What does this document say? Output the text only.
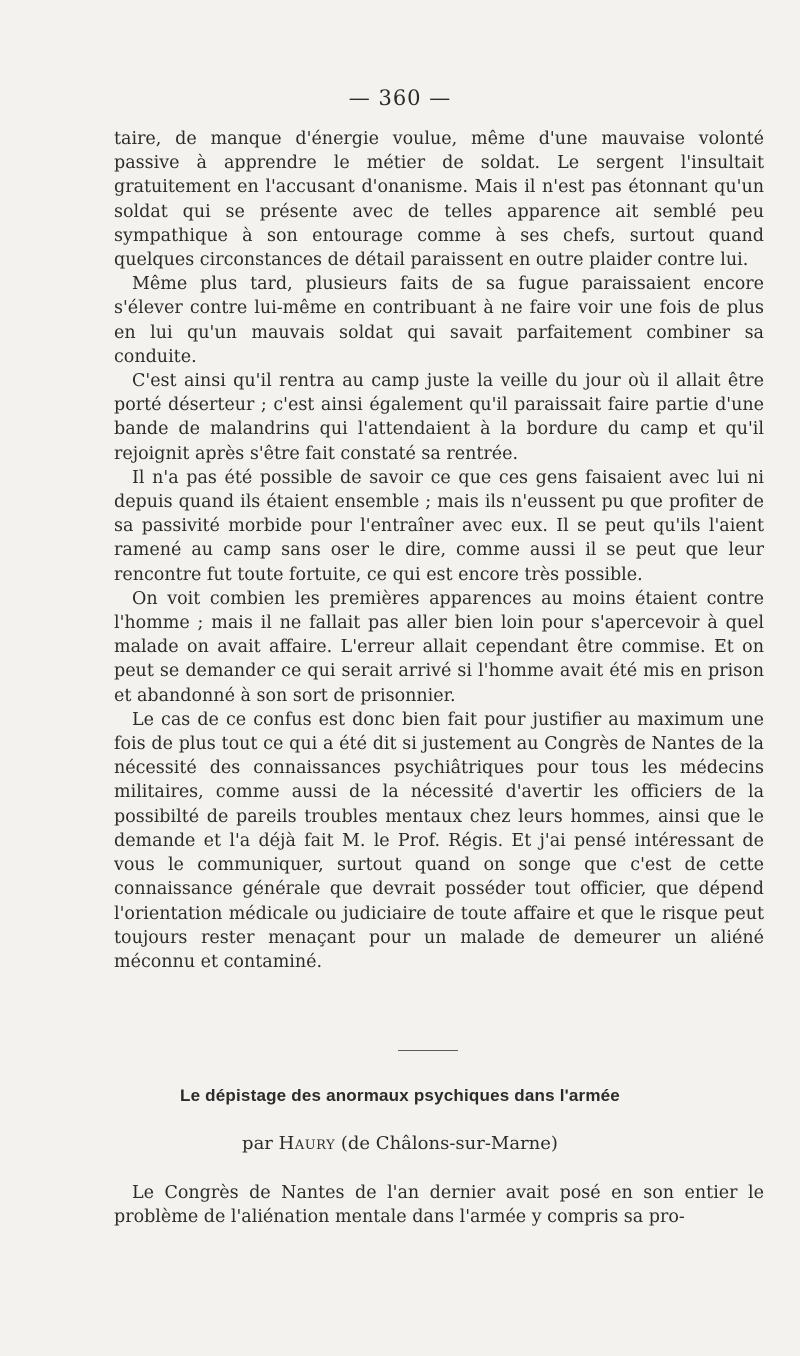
— 360 —

taire, de manque d'énergie voulue, même d'une mauvaise volonté passive à apprendre le métier de soldat. Le sergent l'insultait gratuitement en l'accusant d'onanisme. Mais il n'est pas étonnant qu'un soldat qui se présente avec de telles apparence ait semblé peu sympathique à son entourage comme à ses chefs, surtout quand quelques circonstances de détail paraissent en outre plaider contre lui.

Même plus tard, plusieurs faits de sa fugue paraissaient encore s'élever contre lui-même en contribuant à ne faire voir une fois de plus en lui qu'un mauvais soldat qui savait parfaitement combiner sa conduite.

C'est ainsi qu'il rentra au camp juste la veille du jour où il allait être porté déserteur ; c'est ainsi également qu'il paraissait faire partie d'une bande de malandrins qui l'attendaient à la bordure du camp et qu'il rejoignit après s'être fait constaté sa rentrée.

Il n'a pas été possible de savoir ce que ces gens faisaient avec lui ni depuis quand ils étaient ensemble ; mais ils n'eussent pu que profiter de sa passivité morbide pour l'entraîner avec eux. Il se peut qu'ils l'aient ramené au camp sans oser le dire, comme aussi il se peut que leur rencontre fut toute fortuite, ce qui est encore très possible.

On voit combien les premières apparences au moins étaient contre l'homme ; mais il ne fallait pas aller bien loin pour s'apercevoir à quel malade on avait affaire. L'erreur allait cependant être commise. Et on peut se demander ce qui serait arrivé si l'homme avait été mis en prison et abandonné à son sort de prisonnier.

Le cas de ce confus est donc bien fait pour justifier au maximum une fois de plus tout ce qui a été dit si justement au Congrès de Nantes de la nécessité des connaissances psychiâtriques pour tous les médecins militaires, comme aussi de la nécessité d'avertir les officiers de la possibilté de pareils troubles mentaux chez leurs hommes, ainsi que le demande et l'a déjà fait M. le Prof. Régis. Et j'ai pensé intéressant de vous le communiquer, surtout quand on songe que c'est de cette connaissance générale que devrait posséder tout officier, que dépend l'orientation médicale ou judiciaire de toute affaire et que le risque peut toujours rester menaçant pour un malade de demeurer un aliéné méconnu et contaminé.

Le dépistage des anormaux psychiques dans l'armée
par Haury (de Châlons-sur-Marne)

Le Congrès de Nantes de l'an dernier avait posé en son entier le problème de l'aliénation mentale dans l'armée y compris sa pro-
